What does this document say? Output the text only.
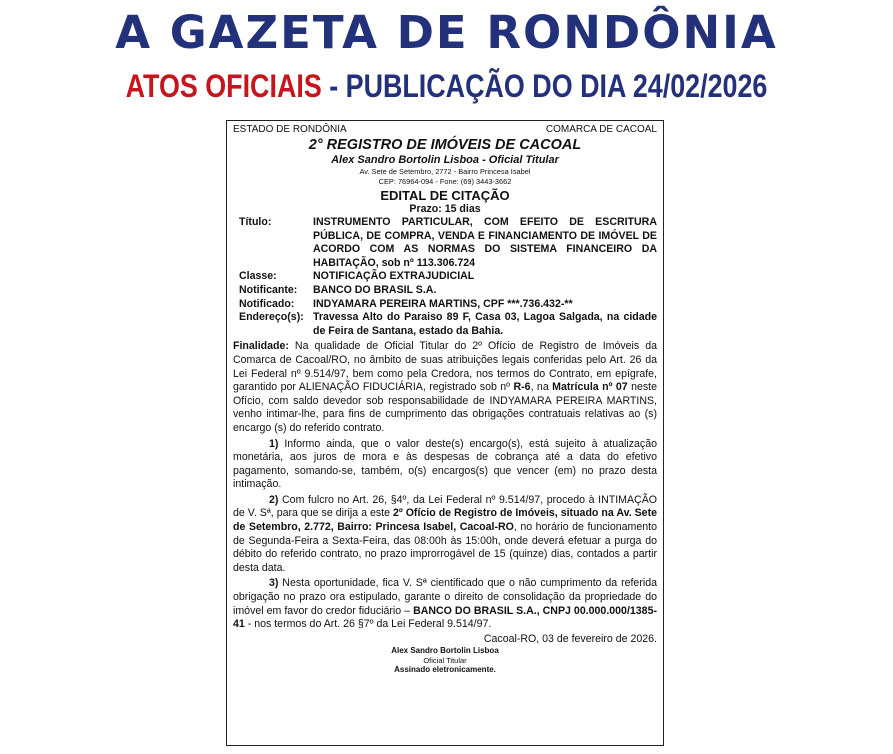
A GAZETA DE RONDÔNIA
ATOS OFICIAIS - PUBLICAÇÃO DO DIA 24/02/2026
ESTADO DE RONDÔNIA	COMARCA DE CACOAL
2° REGISTRO DE IMÓVEIS DE CACOAL
Alex Sandro Bortolin Lisboa - Oficial Titular
Av. Sete de Setembro, 2772 - Bairro Princesa Isabel
CEP: 76964-094 - Fone: (69) 3443-3662
EDITAL DE CITAÇÃO
Prazo: 15 dias
Título:	INSTRUMENTO PARTICULAR, COM EFEITO DE ESCRITURA PÚBLICA, DE COMPRA, VENDA E FINANCIAMENTO DE IMÓVEL DE ACORDO COM AS NORMAS DO SISTEMA FINANCEIRO DA HABITAÇÃO, sob nº 113.306.724
Classe:	NOTIFICAÇÃO EXTRAJUDICIAL
Notificante:	BANCO DO BRASIL S.A.
Notificado:	INDYAMARA PEREIRA MARTINS, CPF ***.736.432-**
Endereço(s): Travessa Alto do Paraiso 89 F, Casa 03, Lagoa Salgada, na cidade de Feira de Santana, estado da Bahia.
Finalidade: Na qualidade de Oficial Titular do 2º Ofício de Registro de Imóveis da Comarca de Cacoal/RO, no âmbito de suas atribuições legais conferidas pelo Art. 26 da Lei Federal nº 9.514/97, bem como pela Credora, nos termos do Contrato, em epígrafe, garantido por ALIENAÇÃO FIDUCIÁRIA, registrado sob nº R-6, na Matrícula nº 07 neste Ofício, com saldo devedor sob responsabilidade de INDYAMARA PEREIRA MARTINS, venho intimar-lhe, para fins de cumprimento das obrigações contratuais relativas ao (s) encargo (s) do referido contrato.
1) Informo ainda, que o valor deste(s) encargo(s), está sujeito à atualização monetária, aos juros de mora e às despesas de cobrança até a data do efetivo pagamento, somando-se, também, o(s) encargos(s) que vencer (em) no prazo desta intimação.
2) Com fulcro no Art. 26, §4º, da Lei Federal nº 9.514/97, procedo à INTIMAÇÃO de V. Sª, para que se dirija a este 2º Ofício de Registro de Imóveis, situado na Av. Sete de Setembro, 2.772, Bairro: Princesa Isabel, Cacoal-RO, no horário de funcionamento de Segunda-Feira a Sexta-Feira, das 08:00h às 15:00h, onde deverá efetuar a purga do débito do referido contrato, no prazo improrrogável de 15 (quinze) dias, contados a partir desta data.
3) Nesta oportunidade, fica V. Sª cientificado que o não cumprimento da referida obrigação no prazo ora estipulado, garante o direito de consolidação da propriedade do imóvel em favor do credor fiduciário – BANCO DO BRASIL S.A., CNPJ 00.000.000/1385-41 - nos termos do Art. 26 §7º da Lei Federal 9.514/97.
Cacoal-RO, 03 de fevereiro de 2026.
Alex Sandro Bortolin Lisboa
Oficial Titular
Assinado eletronicamente.
